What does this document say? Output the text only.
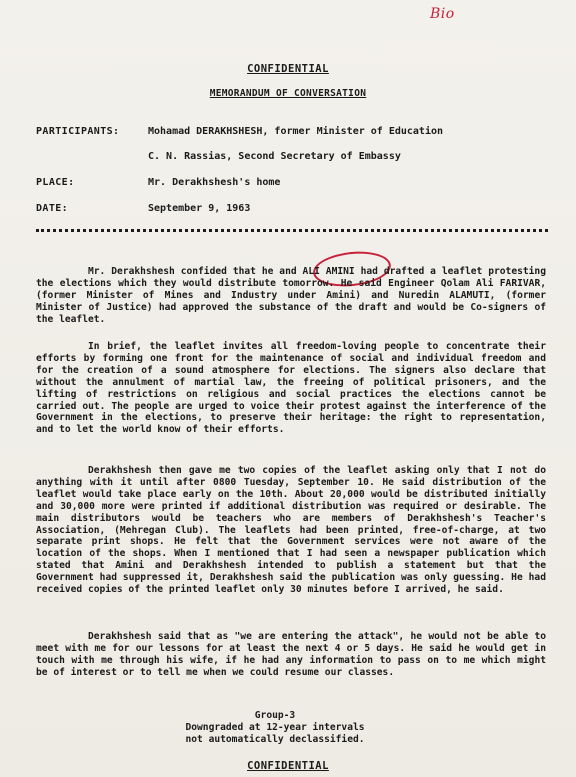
Bio
CONFIDENTIAL
MEMORANDUM OF CONVERSATION
PARTICIPANTS:	Mohamad DERAKHSHESH, former Minister of Education
C. N. Rassias, Second Secretary of Embassy
PLACE:	Mr. Derakhshesh's home
DATE:	September 9, 1963
Mr. Derakhshesh confided that he and ALI AMINI had drafted a leaflet protesting the elections which they would distribute tomorrow. He said Engineer Qolam Ali FARIVAR, (former Minister of Mines and Industry under Amini) and Nuredin ALAMUTI, (former Minister of Justice) had approved the substance of the draft and would be Co-signers of the leaflet.
In brief, the leaflet invites all freedom-loving people to concentrate their efforts by forming one front for the maintenance of social and individual freedom and for the creation of a sound atmosphere for elections. The signers also declare that without the annulment of martial law, the freeing of political prisoners, and the lifting of restrictions on religious and social practices the elections cannot be carried out. The people are urged to voice their protest against the interference of the Government in the elections, to preserve their heritage: the right to representation, and to let the world know of their efforts.
Derakhshesh then gave me two copies of the leaflet asking only that I not do anything with it until after 0800 Tuesday, September 10. He said distribution of the leaflet would take place early on the 10th. About 20,000 would be distributed initially and 30,000 more were printed if additional distribution was required or desirable. The main distributors would be teachers who are members of Derakhshesh's Teacher's Association, (Mehregan Club). The leaflets had been printed, free-of-charge, at two separate print shops. He felt that the Government services were not aware of the location of the shops. When I mentioned that I had seen a newspaper publication which stated that Amini and Derakhshesh intended to publish a statement but that the Government had suppressed it, Derakhshesh said the publication was only guessing. He had received copies of the printed leaflet only 30 minutes before I arrived, he said.
Derakhshesh said that as "we are entering the attack", he would not be able to meet with me for our lessons for at least the next 4 or 5 days. He said he would get in touch with me through his wife, if he had any information to pass on to me which might be of interest or to tell me when we could resume our classes.
Group-3
Downgraded at 12-year intervals
not automatically declassified.
CONFIDENTIAL
